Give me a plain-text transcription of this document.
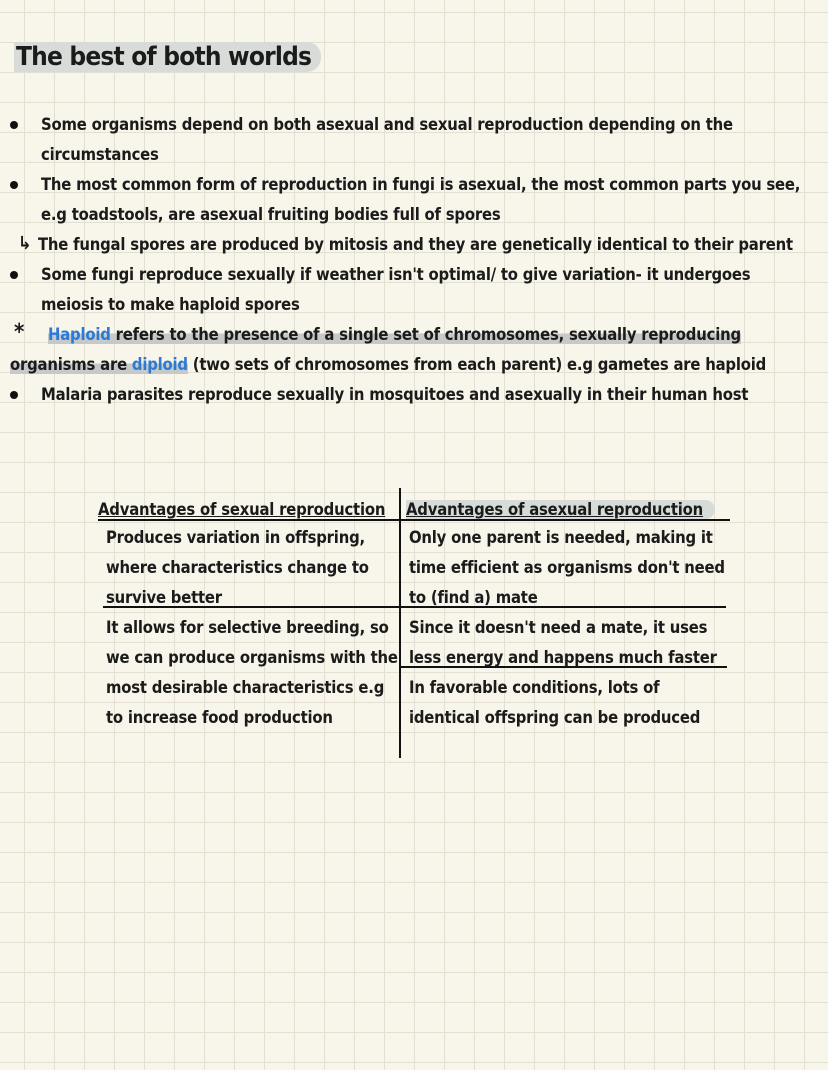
The best of both worlds
Some organisms depend on both asexual and sexual reproduction depending on the
circumstances
The most common form of reproduction in fungi is asexual, the most common parts you see,
e.g toadstools, are asexual fruiting bodies full of spores
↳ The fungal spores are produced by mitosis and they are genetically identical to their parent
Some fungi reproduce sexually if weather isn't optimal/ to give variation- it undergoes
meiosis to make haploid spores
* Haploid refers to the presence of a single set of chromosomes, sexually reproducing
organisms are diploid (two sets of chromosomes from each parent) e.g gametes are haploid
Malaria parasites reproduce sexually in mosquitoes and asexually in their human host
Advantages of sexual reproduction Advantages of asexual reproduction
Produces variation in offspring,
where characteristics change to
survive better
It allows for selective breeding, so
we can produce organisms with the
most desirable characteristics e.g
to increase food production
Only one parent is needed, making it
time efficient as organisms don't need
to (find a) mate
Since it doesn't need a mate, it uses
less energy and happens much faster
In favorable conditions, lots of
identical offspring can be produced
